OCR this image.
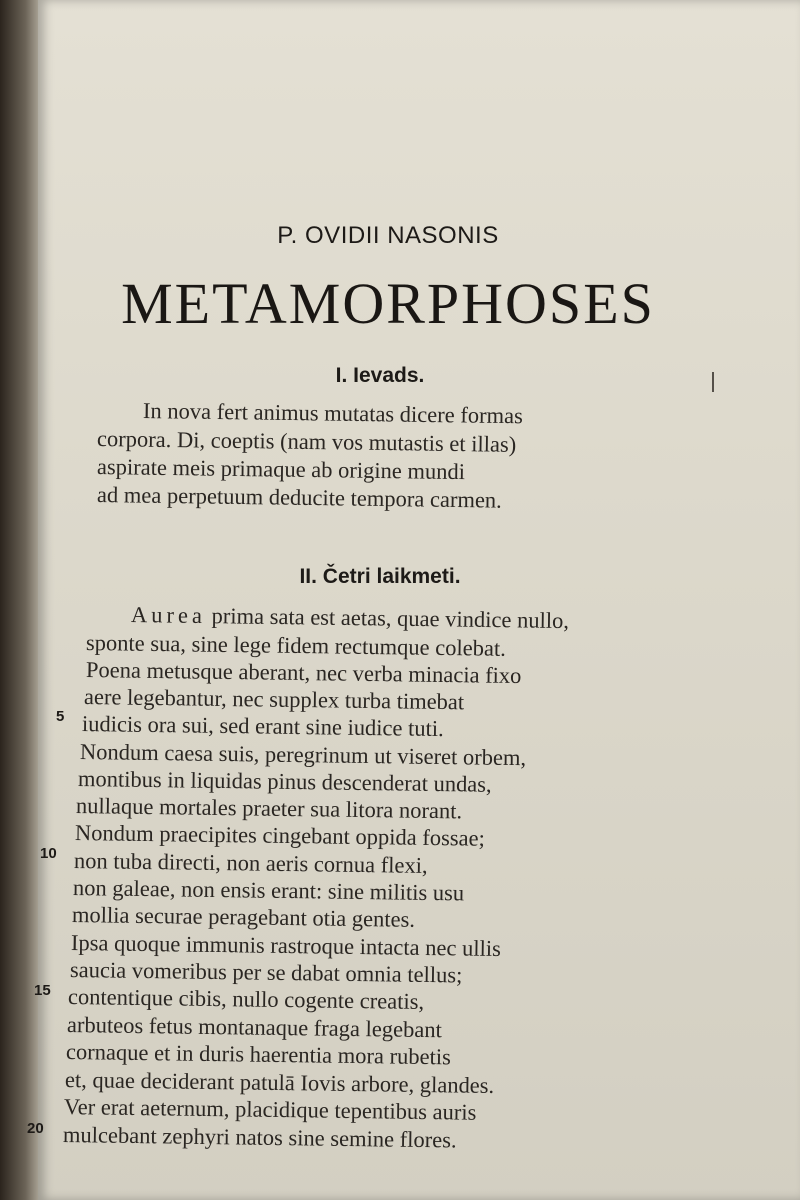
P. OVIDII NASONIS
METAMORPHOSES
I. Ievads.
In nova fert animus mutatas dicere formas
corpora. Di, coeptis (nam vos mutastis et illas)
aspirate meis primaque ab origine mundi
ad mea perpetuum deducite tempora carmen.
II. Četri laikmeti.
Aurea prima sata est aetas, quae vindice nullo,
sponte sua, sine lege fidem rectumque colebat.
Poena metusque aberant, nec verba minacia fixo
aere legebantur, nec supplex turba timebat
iudicis ora sui, sed erant sine iudice tuti.
Nondum caesa suis, peregrinum ut viseret orbem,
montibus in liquidas pinus descenderat undas,
nullaque mortales praeter sua litora norant.
Nondum praecipites cingebant oppida fossae;
non tuba directi, non aeris cornua flexi,
non galeae, non ensis erant: sine militis usu
mollia securae peragebant otia gentes.
Ipsa quoque immunis rastroque intacta nec ullis
saucia vomeribus per se dabat omnia tellus;
contentique cibis, nullo cogente creatis,
arbuteos fetus montanaque fraga legebant
cornaque et in duris haerentia mora rubetis
et, quae deciderant patulā Iovis arbore, glandes.
Ver erat aeternum, placidique tepentibus auris
mulcebant zephyri natos sine semine flores.
5
10
15
20
